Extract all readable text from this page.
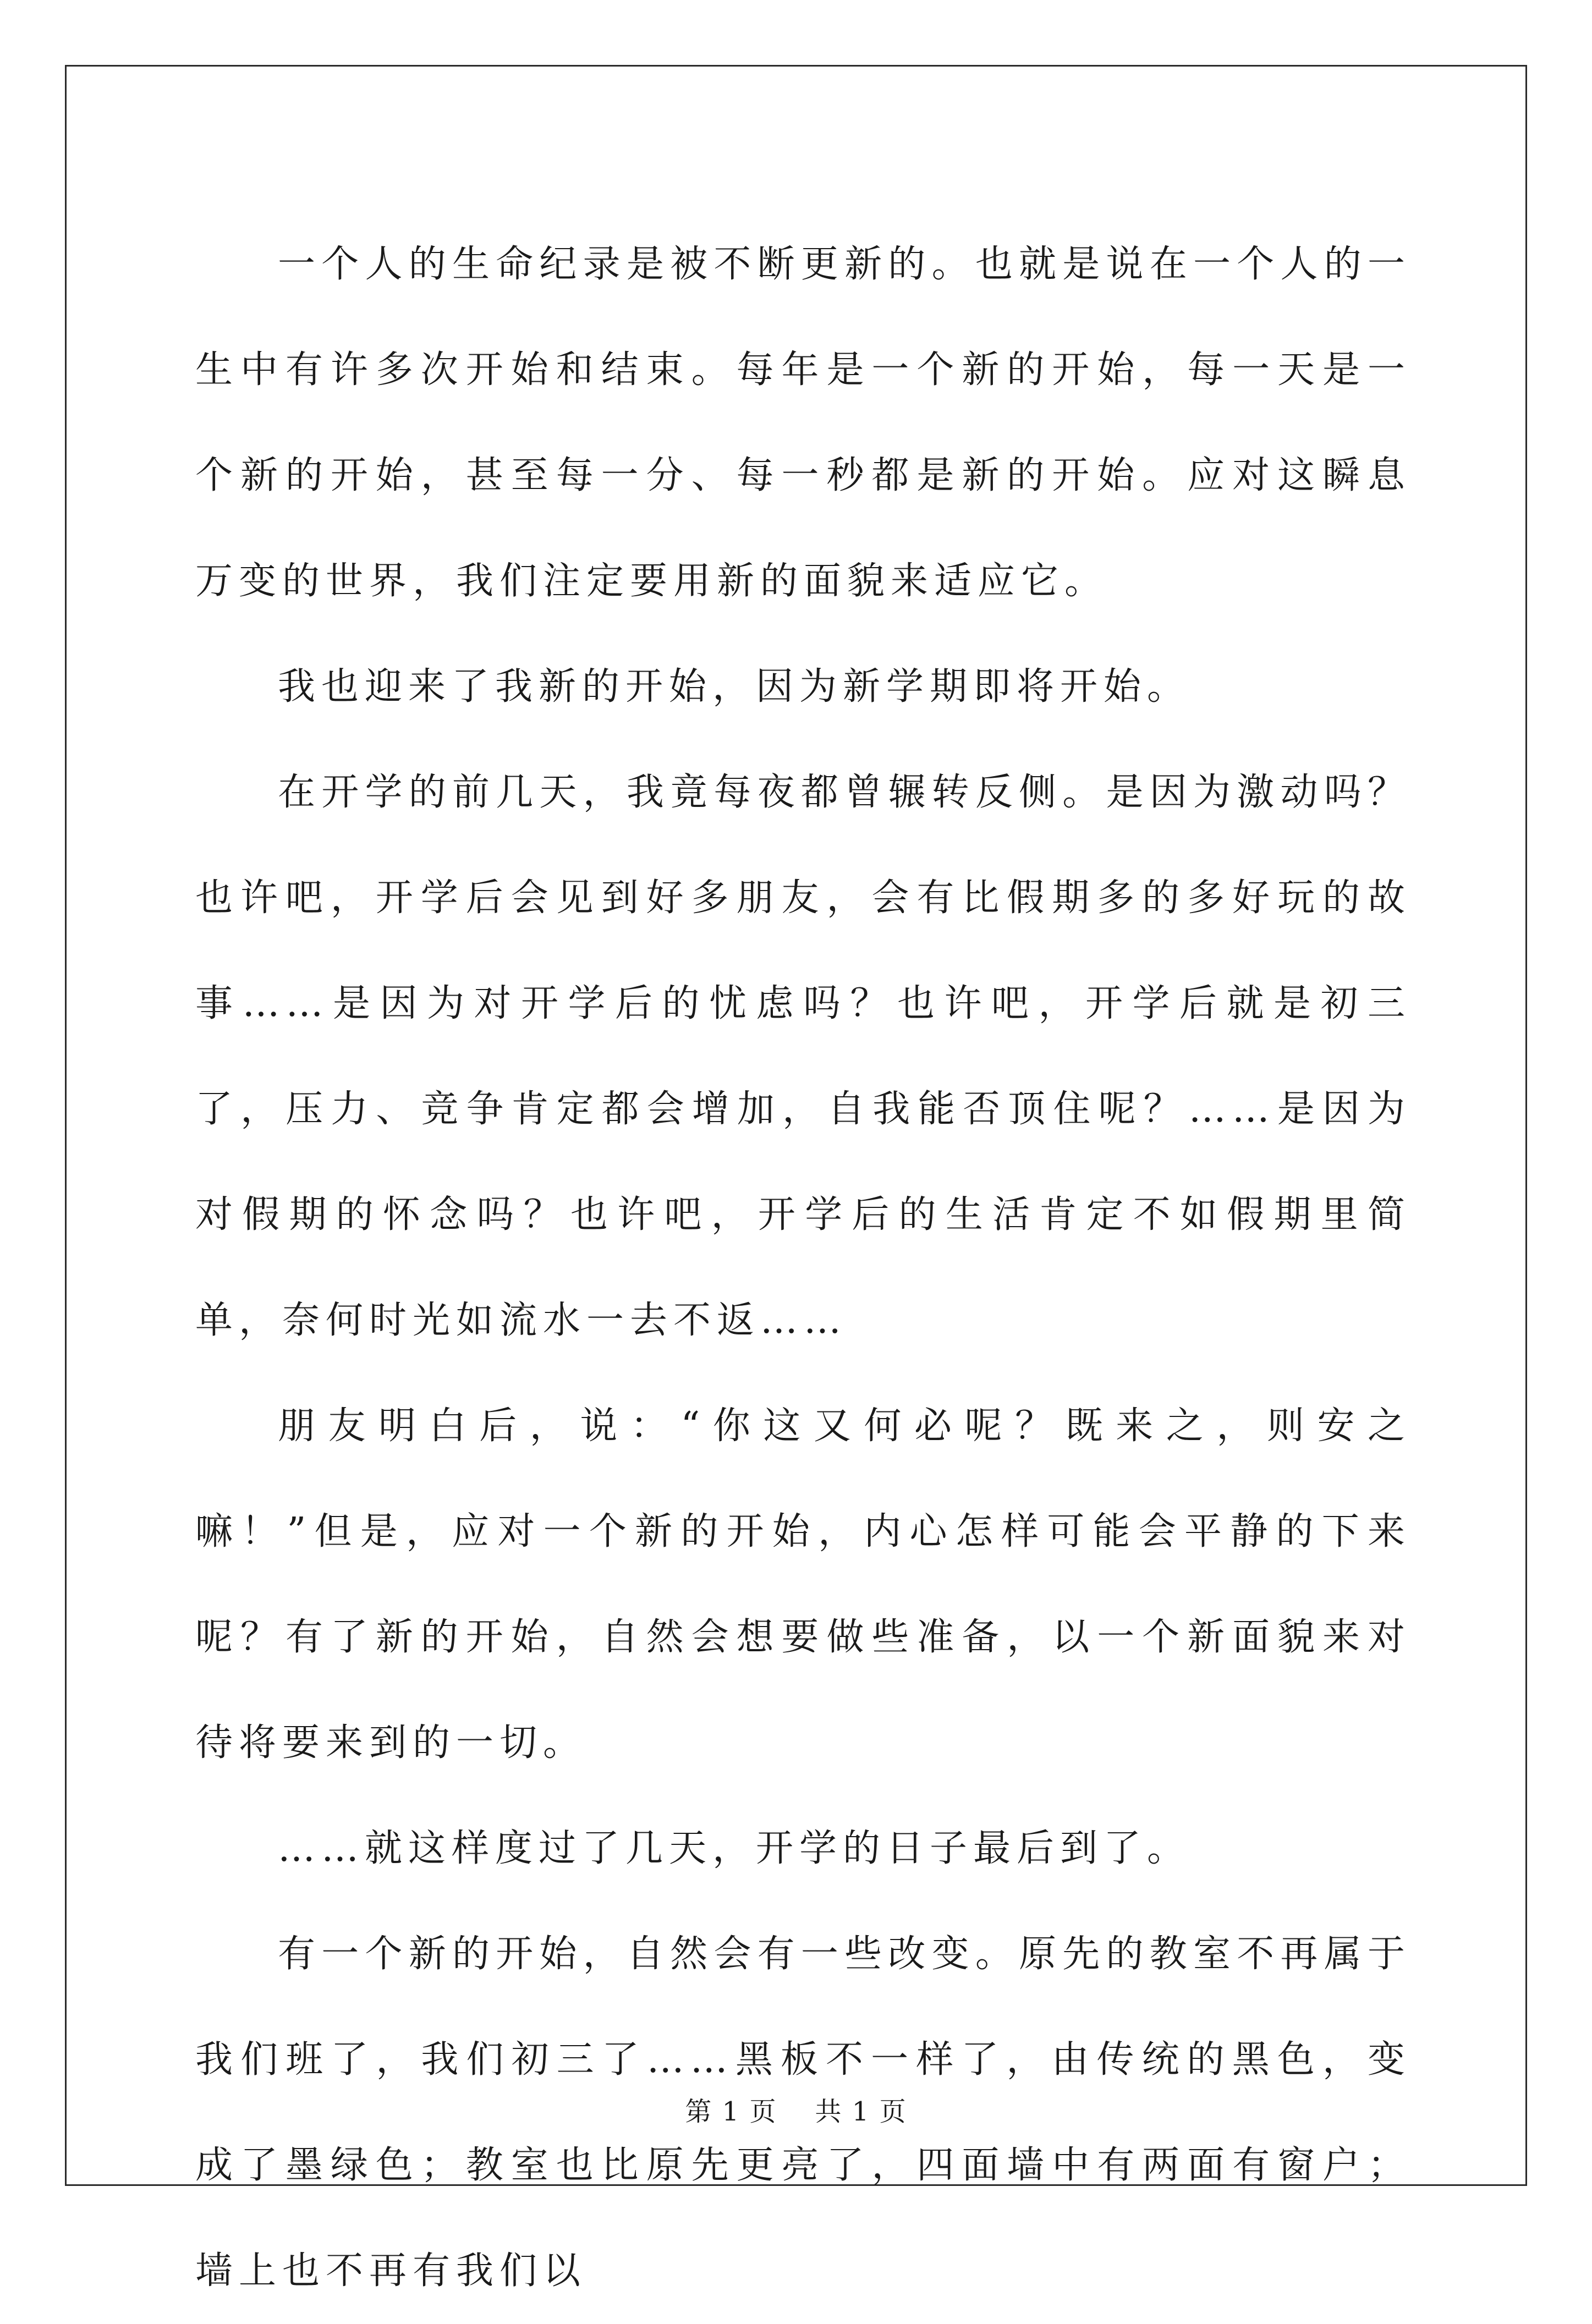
一个人的生命纪录是被不断更新的。也就是说在一个人的一生中有许多次开始和结束。每年是一个新的开始，每一天是一个新的开始，甚至每一分、每一秒都是新的开始。应对这瞬息万变的世界，我们注定要用新的面貌来适应它。

我也迎来了我新的开始，因为新学期即将开始。

在开学的前几天，我竟每夜都曾辗转反侧。是因为激动吗？也许吧，开学后会见到好多朋友，会有比假期多的多好玩的故事……是因为对开学后的忧虑吗？也许吧，开学后就是初三了，压力、竞争肯定都会增加，自我能否顶住呢？……是因为对假期的怀念吗？也许吧，开学后的生活肯定不如假期里简单，奈何时光如流水一去不返……

朋友明白后，说：“你这又何必呢？既来之，则安之嘛！”但是，应对一个新的开始，内心怎样可能会平静的下来呢？有了新的开始，自然会想要做些准备，以一个新面貌来对待将要来到的一切。

……就这样度过了几天，开学的日子最后到了。

有一个新的开始，自然会有一些改变。原先的教室不再属于我们班了，我们初三了……黑板不一样了，由传统的黑色，变成了墨绿色；教室也比原先更亮了，四面墙中有两面有窗户；墙上也不再有我们以

第 1 页 共 1 页
